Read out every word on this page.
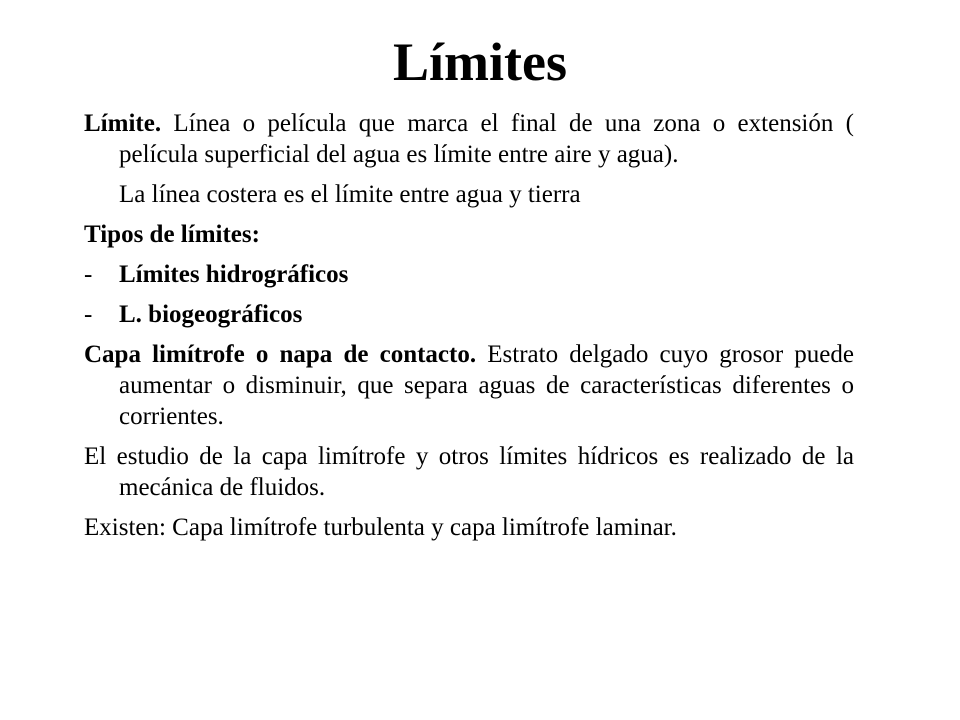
Límites

Límite. Línea o película que marca el final de una zona o extensión ( película superficial del agua es límite entre aire y agua).

La línea costera es el límite entre agua y tierra

Tipos de límites:

-	Límites hidrográficos
-	L. biogeográficos

Capa limítrofe o napa de contacto. Estrato delgado cuyo grosor puede aumentar o disminuir, que separa aguas de características diferentes o corrientes.

El estudio de la capa limítrofe y otros límites hídricos es realizado de la mecánica de fluidos.

Existen: Capa limítrofe turbulenta y capa limítrofe laminar.
